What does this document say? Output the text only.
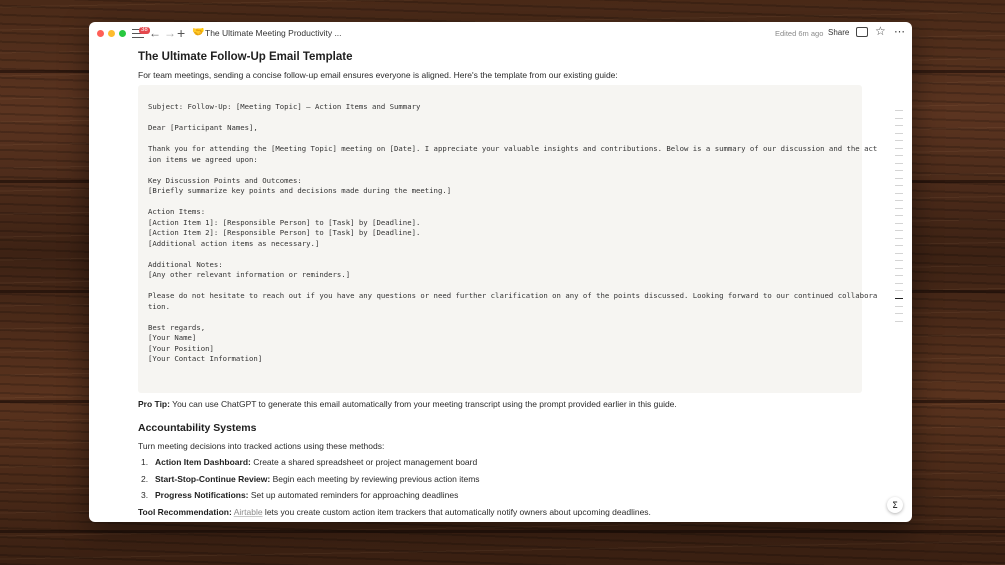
38 ← → + 🤝 The Ultimate Meeting Productivity ...	Edited 6m ago Share ☆ ⋯
The Ultimate Follow-Up Email Template
For team meetings, sending a concise follow-up email ensures everyone is aligned. Here's the template from our existing guide:
Subject: Follow-Up: [Meeting Topic] – Action Items and Summary
Dear [Participant Names],
Thank you for attending the [Meeting Topic] meeting on [Date]. I appreciate your valuable insights and contributions. Below is a summary of our discussion and the act
ion items we agreed upon:
Key Discussion Points and Outcomes:
[Briefly summarize key points and decisions made during the meeting.]
Action Items:
[Action Item 1]: [Responsible Person] to [Task] by [Deadline].
[Action Item 2]: [Responsible Person] to [Task] by [Deadline].
[Additional action items as necessary.]
Additional Notes:
[Any other relevant information or reminders.]
Please do not hesitate to reach out if you have any questions or need further clarification on any of the points discussed. Looking forward to our continued collabora
tion.
Best regards,
[Your Name]
[Your Position]
[Your Contact Information]
Pro Tip: You can use ChatGPT to generate this email automatically from your meeting transcript using the prompt provided earlier in this guide.
Accountability Systems
Turn meeting decisions into tracked actions using these methods:
1. Action Item Dashboard: Create a shared spreadsheet or project management board
2. Start-Stop-Continue Review: Begin each meeting by reviewing previous action items
3. Progress Notifications: Set up automated reminders for approaching deadlines
Tool Recommendation: Airtable lets you create custom action item trackers that automatically notify owners about upcoming deadlines.
ⵉ
